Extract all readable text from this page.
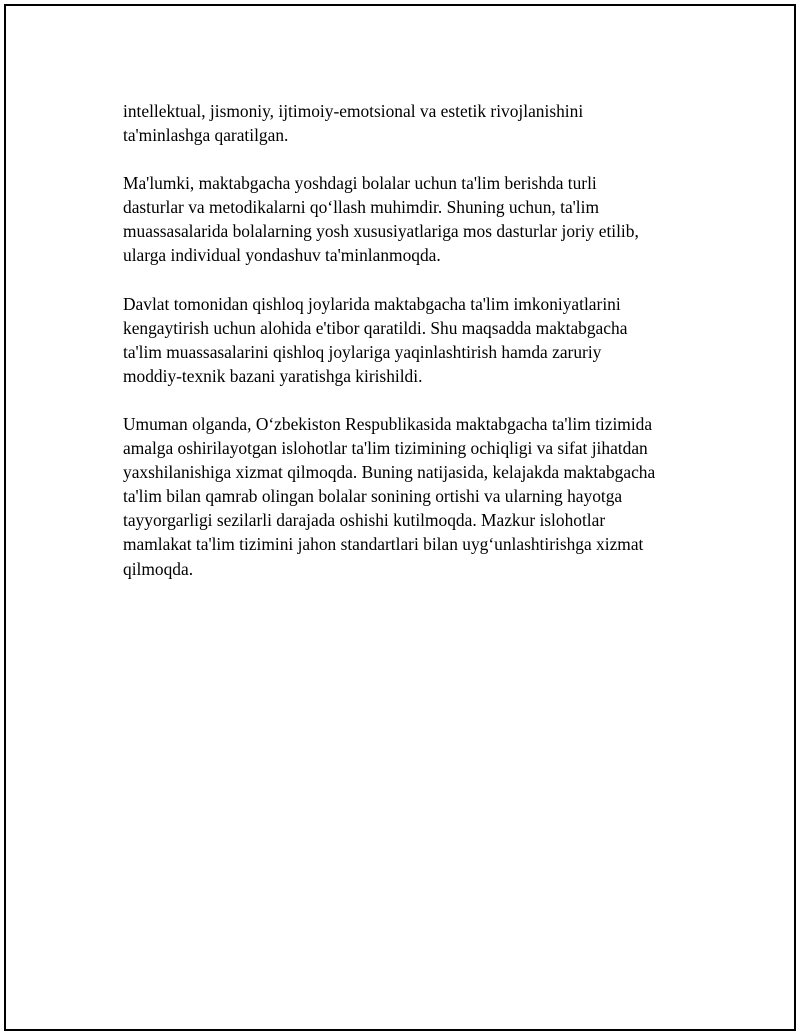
intellektual, jismoniy, ijtimoiy-emotsional va estetik rivojlanishini
ta'minlashga qaratilgan.

Ma'lumki, maktabgacha yoshdagi bolalar uchun ta'lim berishda turli
dasturlar va metodikalarni qo‘llash muhimdir. Shuning uchun, ta'lim
muassasalarida bolalarning yosh xususiyatlariga mos dasturlar joriy etilib,
ularga individual yondashuv ta'minlanmoqda.

Davlat tomonidan qishloq joylarida maktabgacha ta'lim imkoniyatlarini
kengaytirish uchun alohida e'tibor qaratildi. Shu maqsadda maktabgacha
ta'lim muassasalarini qishloq joylariga yaqinlashtirish hamda zaruriy
moddiy-texnik bazani yaratishga kirishildi.

Umuman olganda, O‘zbekiston Respublikasida maktabgacha ta'lim tizimida
amalga oshirilayotgan islohotlar ta'lim tizimining ochiqligi va sifat jihatdan
yaxshilanishiga xizmat qilmoqda. Buning natijasida, kelajakda maktabgacha
ta'lim bilan qamrab olingan bolalar sonining ortishi va ularning hayotga
tayyorgarligi sezilarli darajada oshishi kutilmoqda. Mazkur islohotlar
mamlakat ta'lim tizimini jahon standartlari bilan uyg‘unlashtirishga xizmat
qilmoqda.
